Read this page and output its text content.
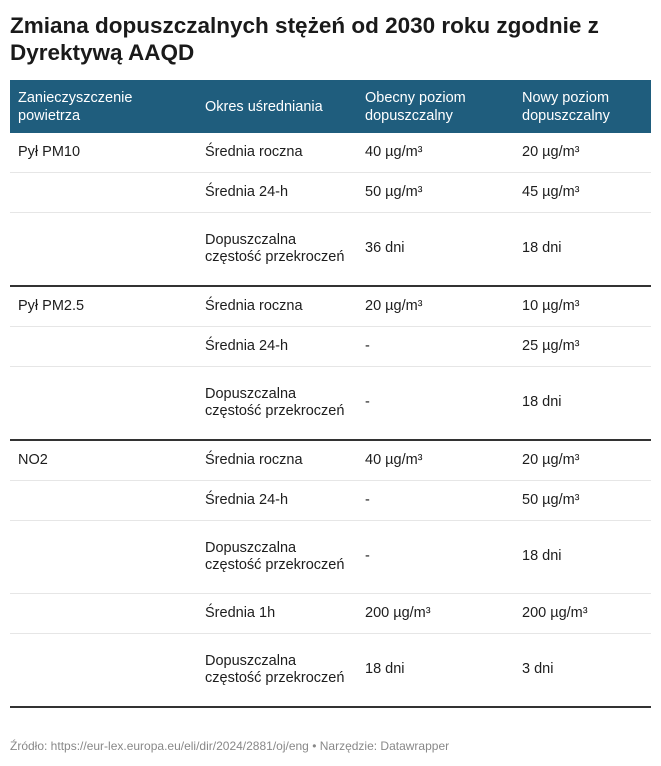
Zmiana dopuszczalnych stężeń od 2030 roku zgodnie z Dyrektywą AAQD
Zanieczyszczenie powietrza	Okres uśredniania	Obecny poziom dopuszczalny	Nowy poziom dopuszczalny
Pył PM10	Średnia roczna	40 µg/m³	20 µg/m³
	Średnia 24-h	50 µg/m³	45 µg/m³
	Dopuszczalna częstość przekroczeń	36 dni	18 dni
Pył PM2.5	Średnia roczna	20 µg/m³	10 µg/m³
	Średnia 24-h	-	25 µg/m³
	Dopuszczalna częstość przekroczeń	-	18 dni
NO2	Średnia roczna	40 µg/m³	20 µg/m³
	Średnia 24-h	-	50 µg/m³
	Dopuszczalna częstość przekroczeń	-	18 dni
	Średnia 1h	200 µg/m³	200 µg/m³
	Dopuszczalna częstość przekroczeń	18 dni	3 dni
Źródło: https://eur-lex.europa.eu/eli/dir/2024/2881/oj/eng • Narzędzie: Datawrapper
